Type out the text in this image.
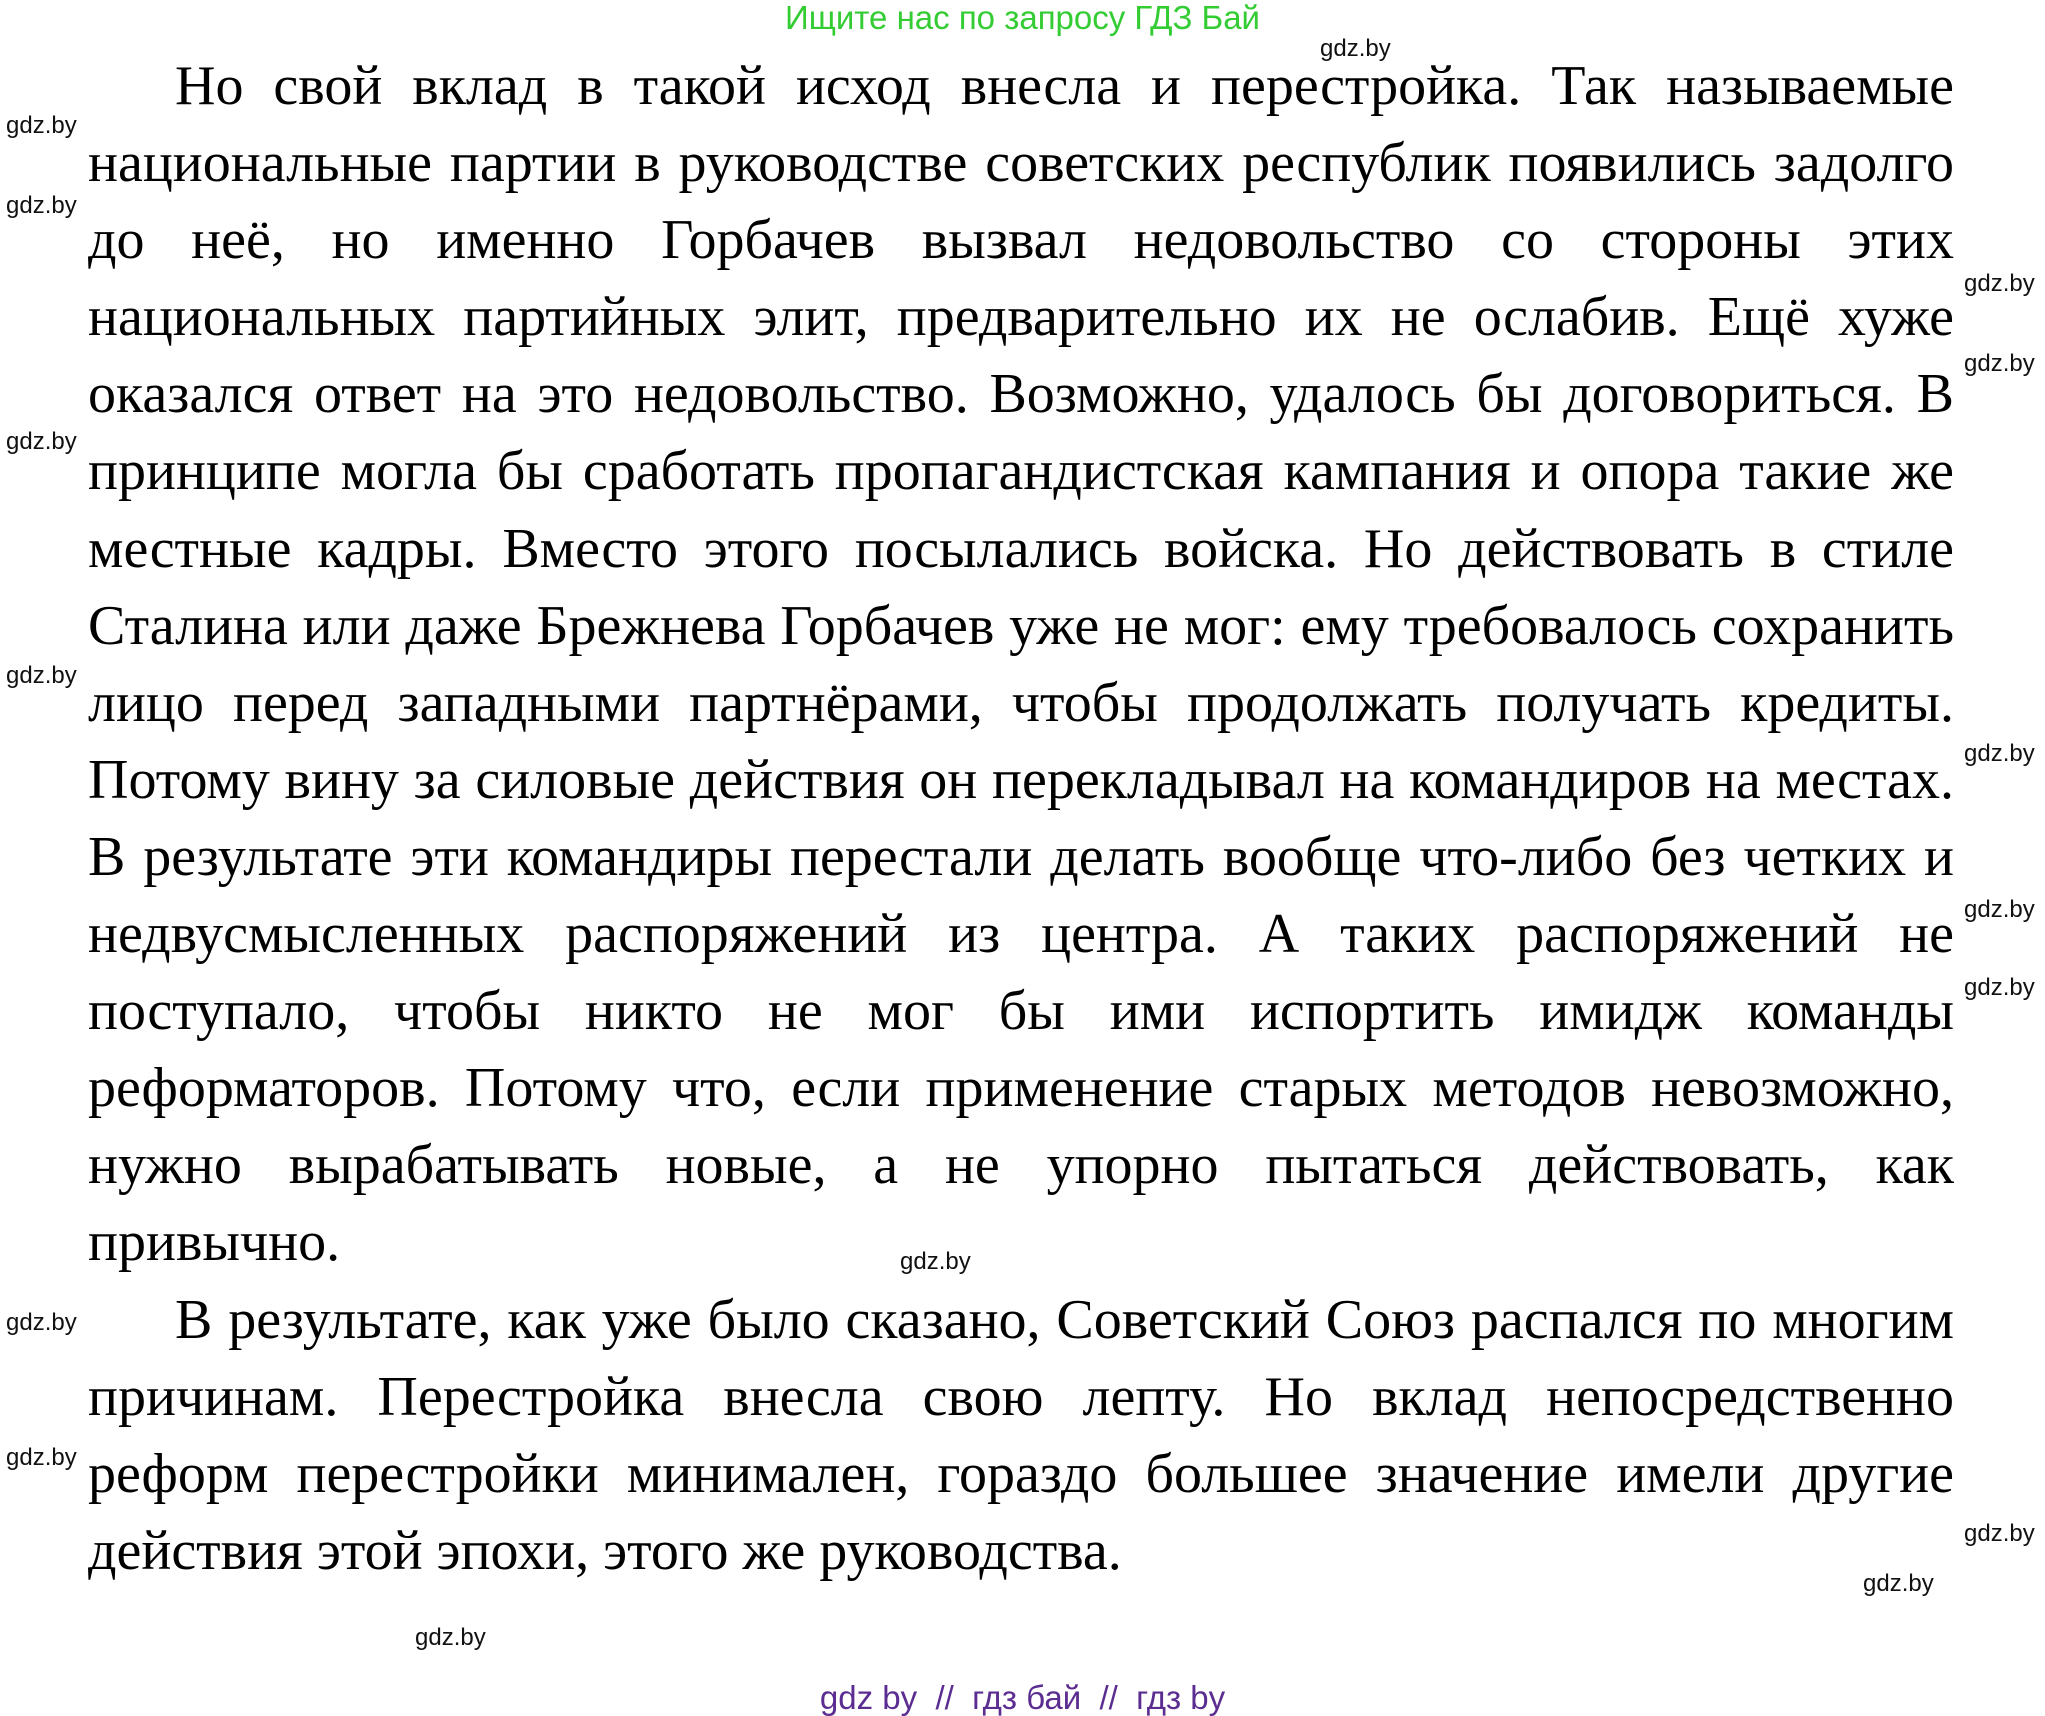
Ищите нас по запросу ГДЗ Бай

Но свой вклад в такой исход внесла и перестройка. Так называемые национальные партии в руководстве советских республик появились задолго до неё, но именно Горбачев вызвал недовольство со стороны этих национальных партийных элит, предварительно их не ослабив. Ещё хуже оказался ответ на это недовольство. Возможно, удалось бы договориться. В принципе могла бы сработать пропагандистская кампания и опора такие же местные кадры. Вместо этого посылались войска. Но действовать в стиле Сталина или даже Брежнева Горбачев уже не мог: ему требовалось сохранить лицо перед западными партнёрами, чтобы продолжать получать кредиты. Потому вину за силовые действия он перекладывал на командиров на местах. В результате эти командиры перестали делать вообще что-либо без четких и недвусмысленных распоряжений из центра. А таких распоряжений не поступало, чтобы никто не мог бы ими испортить имидж команды реформаторов. Потому что, если применение старых методов невозможно, нужно вырабатывать новые, а не упорно пытаться действовать, как привычно.

В результате, как уже было сказано, Советский Союз распался по многим причинам. Перестройка внесла свою лепту. Но вклад непосредственно реформ перестройки минимален, гораздо большее значение имели другие действия этой эпохи, этого же руководства.

gdz.by
gdz.by
gdz.by
gdz.by
gdz.by
gdz.by
gdz.by
gdz.by
gdz.by
gdz.by
gdz.by
gdz.by
gdz.by
gdz.by
gdz.by
gdz.by
gdz by  //  гдз бай  //  гдз by
